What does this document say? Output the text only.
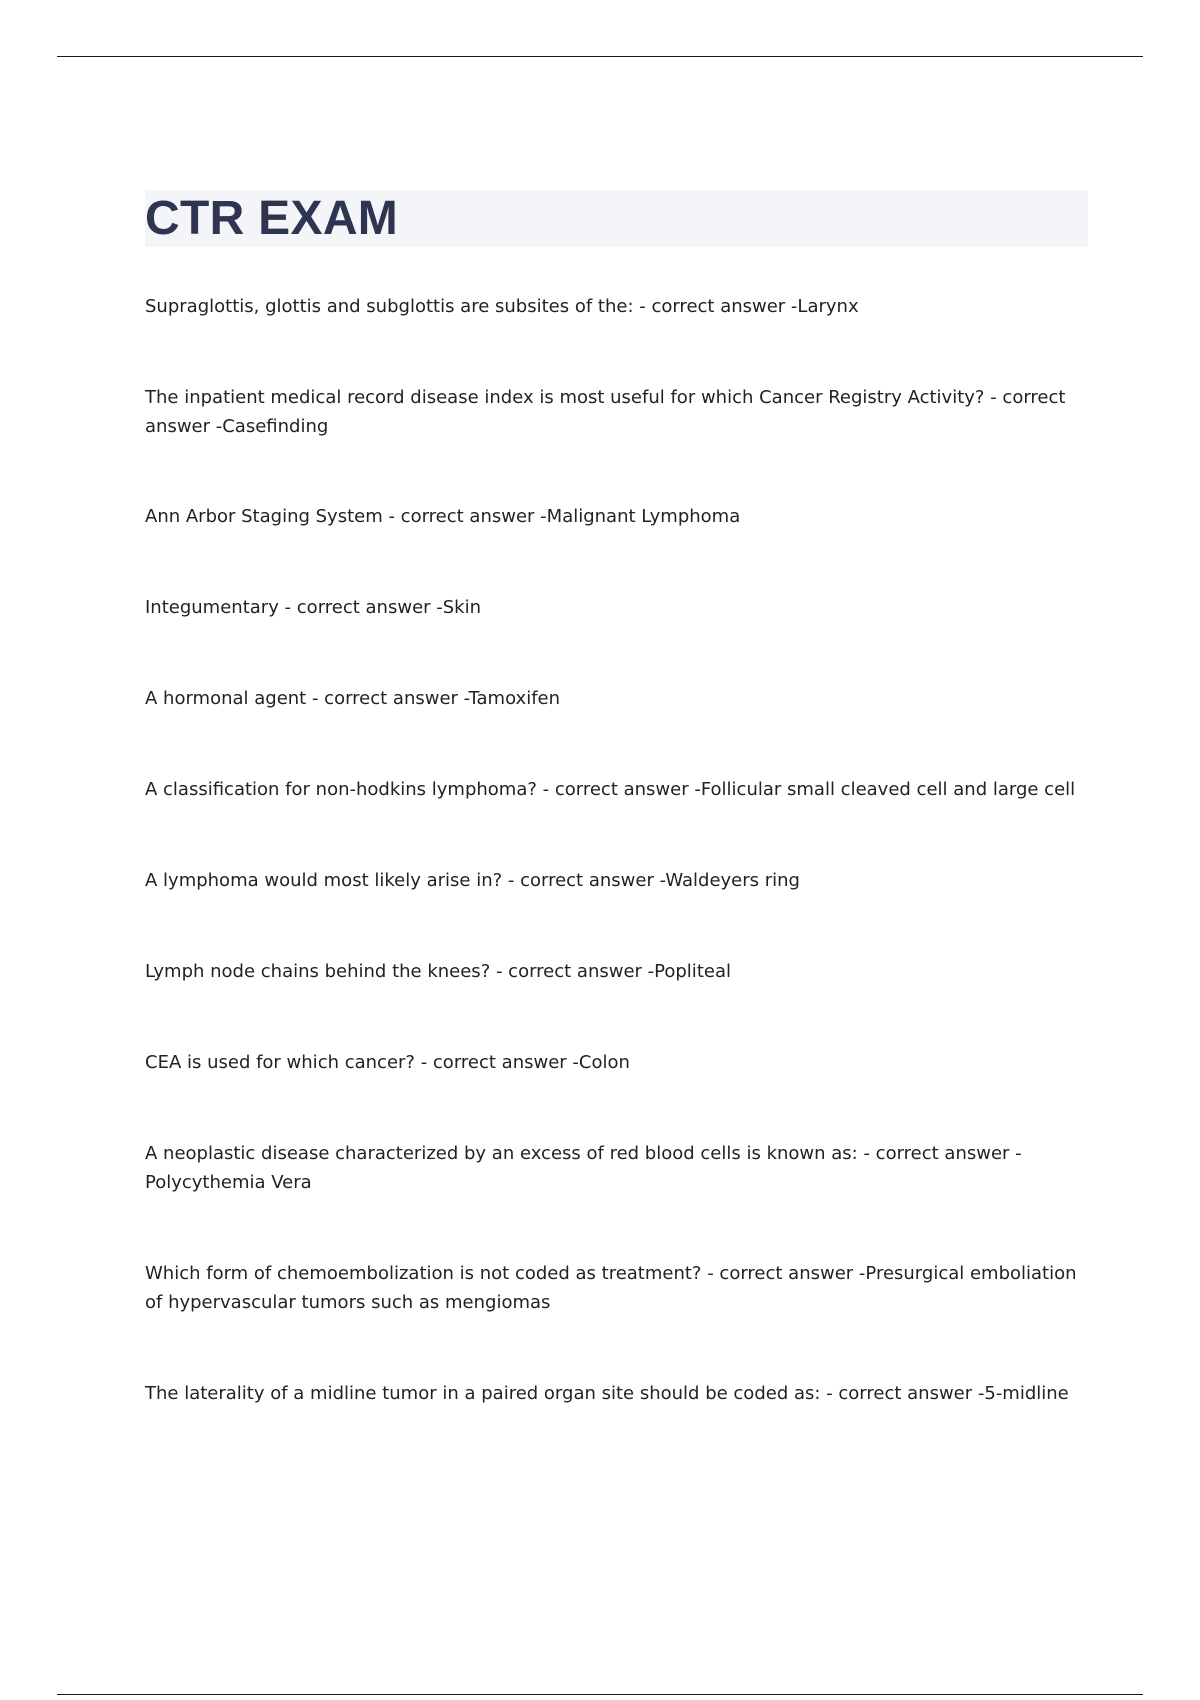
CTR EXAM

Supraglottis, glottis and subglottis are subsites of the: - correct answer -Larynx

The inpatient medical record disease index is most useful for which Cancer Registry Activity? - correct answer -Casefinding

Ann Arbor Staging System - correct answer -Malignant Lymphoma

Integumentary - correct answer -Skin

A hormonal agent - correct answer -Tamoxifen

A classification for non-hodkins lymphoma? - correct answer -Follicular small cleaved cell and large cell

A lymphoma would most likely arise in? - correct answer -Waldeyers ring

Lymph node chains behind the knees? - correct answer -Popliteal

CEA is used for which cancer? - correct answer -Colon

A neoplastic disease characterized by an excess of red blood cells is known as: - correct answer -Polycythemia Vera

Which form of chemoembolization is not coded as treatment? - correct answer -Presurgical emboliation of hypervascular tumors such as mengiomas

The laterality of a midline tumor in a paired organ site should be coded as: - correct answer -5-midline
